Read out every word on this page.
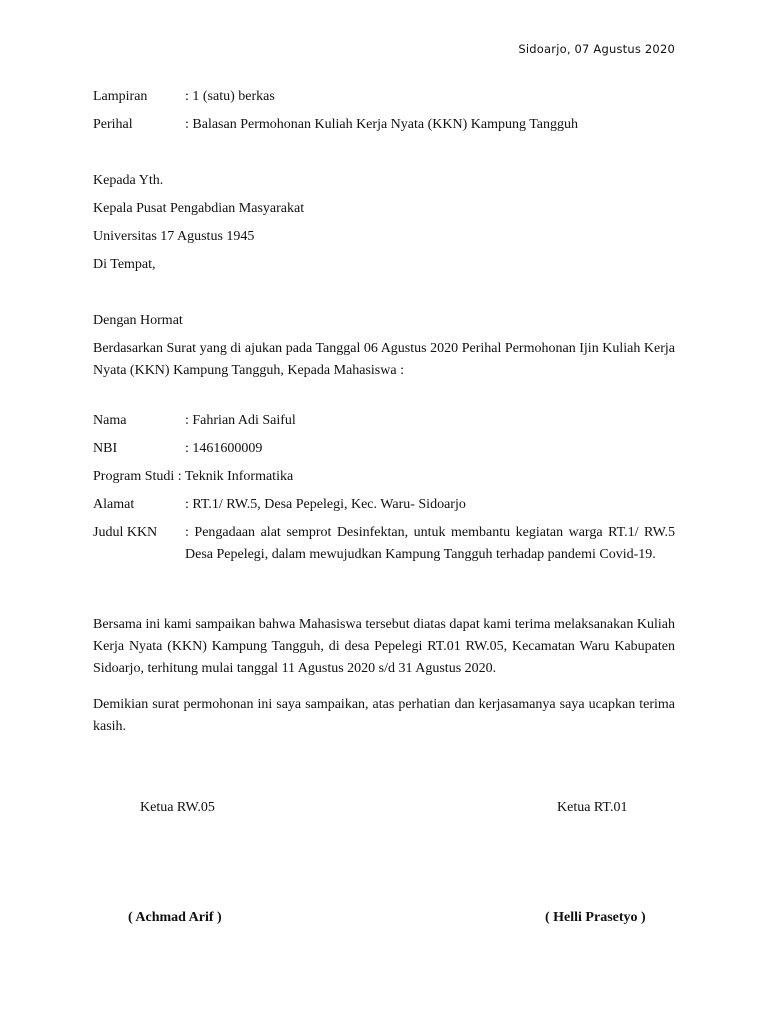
Sidoarjo, 07 Agustus 2020
Lampiran	: 1 (satu) berkas
Perihal	: Balasan Permohonan Kuliah Kerja Nyata (KKN) Kampung Tangguh
Kepada Yth.
Kepala Pusat Pengabdian Masyarakat
Universitas 17 Agustus 1945
Di Tempat,
Dengan Hormat
Berdasarkan Surat yang di ajukan pada Tanggal 06 Agustus 2020 Perihal Permohonan Ijin Kuliah Kerja Nyata (KKN) Kampung Tangguh, Kepada Mahasiswa :
Nama	: Fahrian Adi Saiful
NBI	: 1461600009
Program Studi : Teknik Informatika
Alamat	: RT.1/ RW.5, Desa Pepelegi, Kec. Waru- Sidoarjo
Judul KKN	: Pengadaan alat semprot Desinfektan, untuk membantu kegiatan warga RT.1/ RW.5 Desa Pepelegi, dalam mewujudkan Kampung Tangguh terhadap pandemi Covid-19.
Bersama ini kami sampaikan bahwa Mahasiswa tersebut diatas dapat kami terima melaksanakan Kuliah Kerja Nyata (KKN) Kampung Tangguh, di desa Pepelegi RT.01 RW.05, Kecamatan Waru Kabupaten Sidoarjo, terhitung mulai tanggal 11 Agustus 2020 s/d 31 Agustus 2020.
Demikian surat permohonan ini saya sampaikan, atas perhatian dan kerjasamanya saya ucapkan terima kasih.
Ketua RW.05	Ketua RT.01
( Achmad Arif )	( Helli Prasetyo )
